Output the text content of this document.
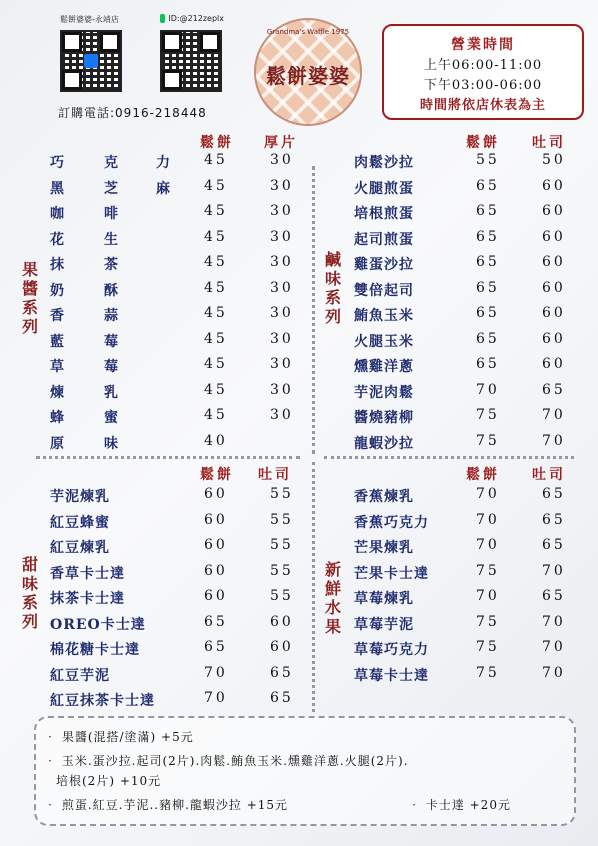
鬆餅婆婆-永靖店	ID:@212zeplx
訂購電話:0916-218448
Grandma's Waffle 1975
鬆餅婆婆
營業時間
上午06:00-11:00
下午03:00-06:00
時間將依店休表為主
果醬系列
鹹味系列
甜味系列
新鮮水果
鬆餅 厚片	鬆餅 吐司
鬆餅 吐司	鬆餅 吐司
巧	克	力 45	30
黑	芝	麻 45	30
咖	啡	45	30
花	生	45	30
抹	茶	45	30
奶	酥	45	30
香	蒜	45	30
藍	莓	45	30
草	莓	45	30
煉	乳	45	30
蜂	蜜	45	30
原	味	40
肉鬆沙拉	55	50
火腿煎蛋	65	60
培根煎蛋	65	60
起司煎蛋	65	60
雞蛋沙拉	65	60
雙倍起司	65	60
鮪魚玉米	65	60
火腿玉米	65	60
燻雞洋蔥	65	60
芋泥肉鬆	70	65
醬燒豬柳	75	70
龍蝦沙拉	75	70
芋泥煉乳	60	55
紅豆蜂蜜	60	55
紅豆煉乳	60	55
香草卡士達	60	55
抹茶卡士達	60	55
OREO卡士達	65	60
棉花糖卡士達	65	60
紅豆芋泥	70	65
紅豆抹茶卡士達	70	65
香蕉煉乳	70	65
香蕉巧克力	70	65
芒果煉乳	70	65
芒果卡士達	75	70
草莓煉乳	70	65
草莓芋泥	75	70
草莓巧克力	75	70
草莓卡士達	75	70
‧ 果醬(混搭/塗滿) +5元
‧ 玉米.蛋沙拉.起司(2片).肉鬆.鮪魚玉米.燻雞洋蔥.火腿(2片).
培根(2片) +10元
‧ 煎蛋.紅豆.芋泥..豬柳.龍蝦沙拉 +15元	‧ 卡士達 +20元
